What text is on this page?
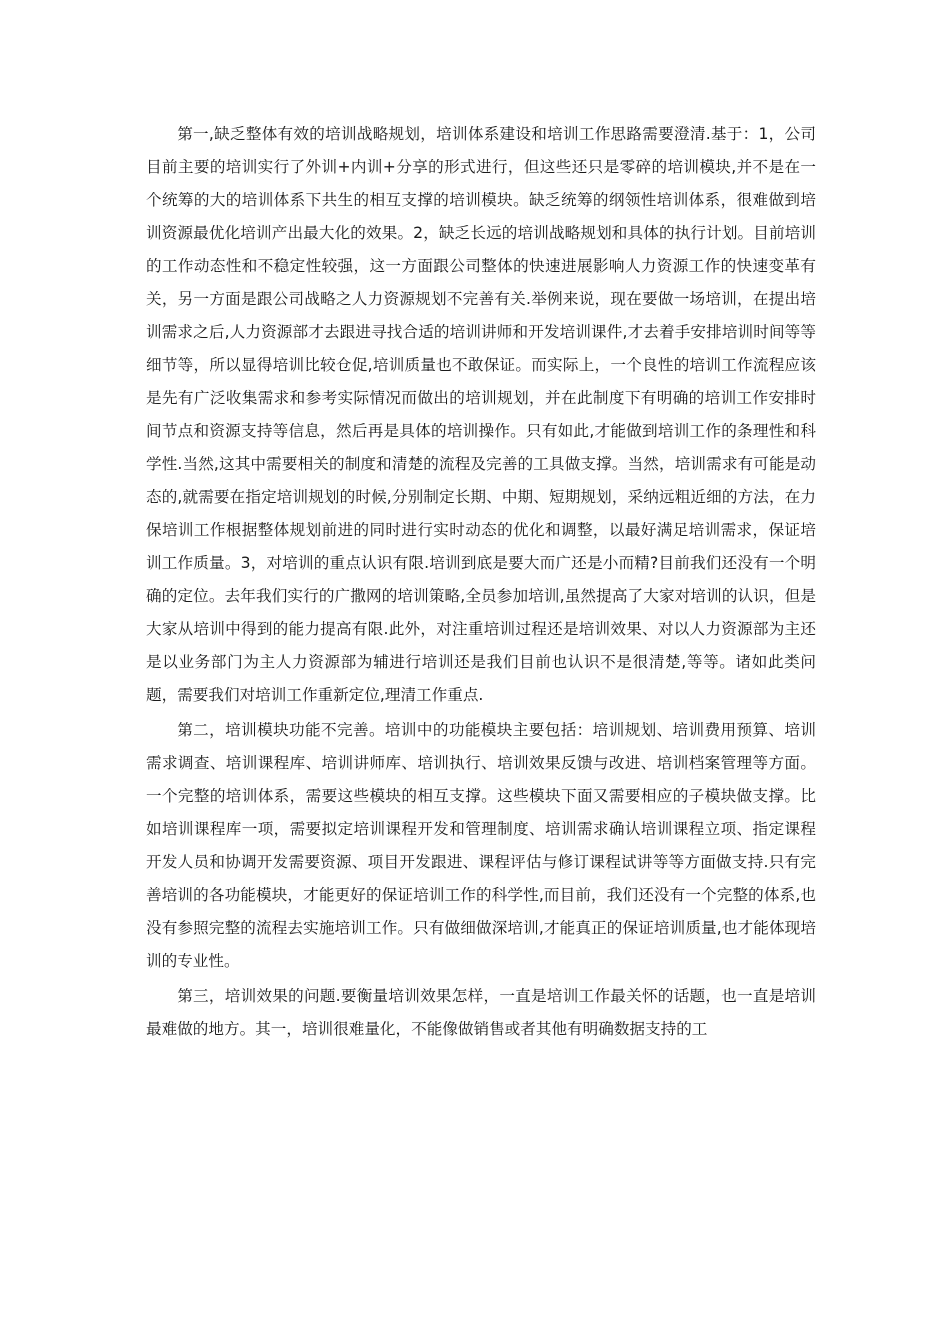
第一,缺乏整体有效的培训战略规划，培训体系建设和培训工作思路需要澄清.基于：1，公司目前主要的培训实行了外训+内训+分享的形式进行，但这些还只是零碎的培训模块,并不是在一个统筹的大的培训体系下共生的相互支撑的培训模块。缺乏统筹的纲领性培训体系，很难做到培训资源最优化培训产出最大化的效果。2，缺乏长远的培训战略规划和具体的执行计划。目前培训的工作动态性和不稳定性较强，这一方面跟公司整体的快速进展影响人力资源工作的快速变革有关，另一方面是跟公司战略之人力资源规划不完善有关.举例来说，现在要做一场培训，在提出培训需求之后,人力资源部才去跟进寻找合适的培训讲师和开发培训课件,才去着手安排培训时间等等细节等，所以显得培训比较仓促,培训质量也不敢保证。而实际上，一个良性的培训工作流程应该是先有广泛收集需求和参考实际情况而做出的培训规划，并在此制度下有明确的培训工作安排时间节点和资源支持等信息，然后再是具体的培训操作。只有如此,才能做到培训工作的条理性和科学性.当然,这其中需要相关的制度和清楚的流程及完善的工具做支撑。当然，培训需求有可能是动态的,就需要在指定培训规划的时候,分别制定长期、中期、短期规划，采纳远粗近细的方法，在力保培训工作根据整体规划前进的同时进行实时动态的优化和调整，以最好满足培训需求，保证培训工作质量。3，对培训的重点认识有限.培训到底是要大而广还是小而精?目前我们还没有一个明确的定位。去年我们实行的广撒网的培训策略,全员参加培训,虽然提高了大家对培训的认识，但是大家从培训中得到的能力提高有限.此外，对注重培训过程还是培训效果、对以人力资源部为主还是以业务部门为主人力资源部为辅进行培训还是我们目前也认识不是很清楚,等等。诸如此类问题，需要我们对培训工作重新定位,理清工作重点.

第二，培训模块功能不完善。培训中的功能模块主要包括：培训规划、培训费用预算、培训需求调查、培训课程库、培训讲师库、培训执行、培训效果反馈与改进、培训档案管理等方面。一个完整的培训体系，需要这些模块的相互支撑。这些模块下面又需要相应的子模块做支撑。比如培训课程库一项，需要拟定培训课程开发和管理制度、培训需求确认培训课程立项、指定课程开发人员和协调开发需要资源、项目开发跟进、课程评估与修订课程试讲等等方面做支持.只有完善培训的各功能模块，才能更好的保证培训工作的科学性,而目前，我们还没有一个完整的体系,也没有参照完整的流程去实施培训工作。只有做细做深培训,才能真正的保证培训质量,也才能体现培训的专业性。

第三，培训效果的问题.要衡量培训效果怎样，一直是培训工作最关怀的话题，也一直是培训最难做的地方。其一，培训很难量化，不能像做销售或者其他有明确数据支持的工
